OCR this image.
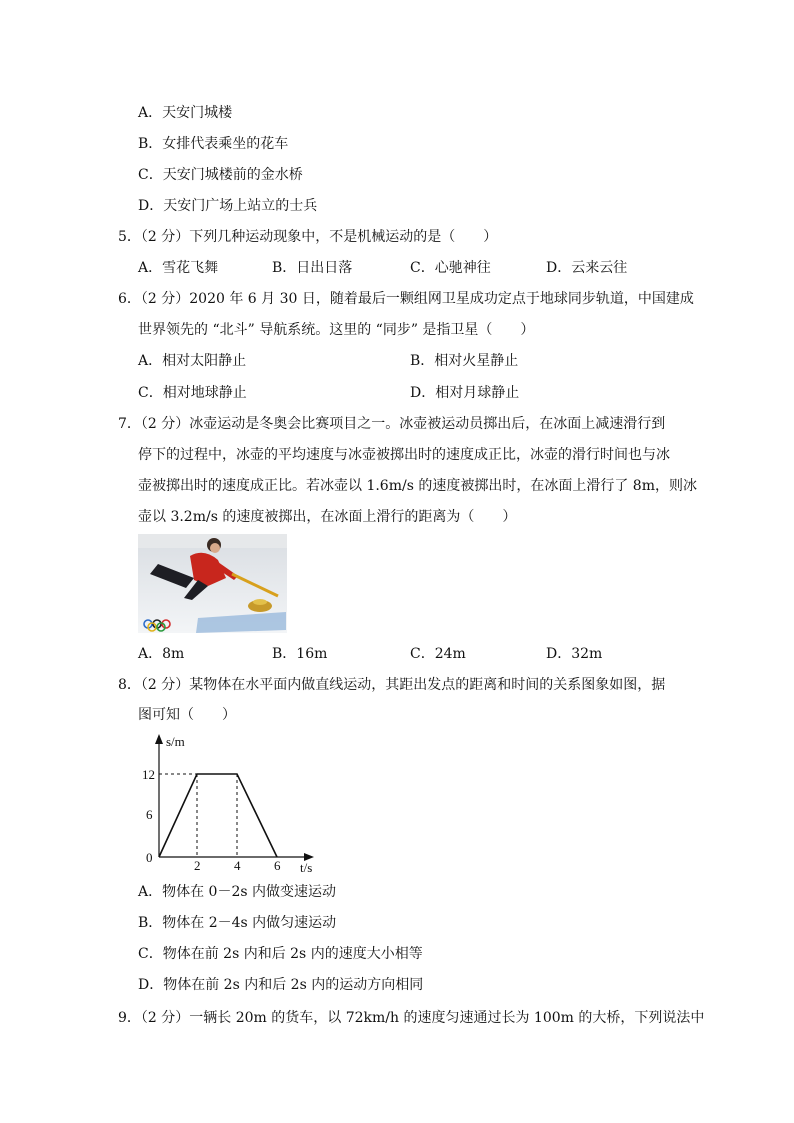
A．天安门城楼
B．女排代表乘坐的花车
C．天安门城楼前的金水桥
D．天安门广场上站立的士兵
5．（2 分）下列几种运动现象中，不是机械运动的是（　　）
A．雪花飞舞	B．日出日落	C．心驰神往	D．云来云往
6．（2 分）2020 年 6 月 30 日，随着最后一颗组网卫星成功定点于地球同步轨道，中国建成
世界领先的 “北斗” 导航系统。这里的 “同步” 是指卫星（　　）
A．相对太阳静止	B．相对火星静止
C．相对地球静止	D．相对月球静止
7．（2 分）冰壶运动是冬奥会比赛项目之一。冰壶被运动员掷出后，在冰面上减速滑行到
停下的过程中，冰壶的平均速度与冰壶被掷出时的速度成正比，冰壶的滑行时间也与冰
壶被掷出时的速度成正比。若冰壶以 1.6m/s 的速度被掷出时，在冰面上滑行了 8m，则冰
壶以 3.2m/s 的速度被掷出，在冰面上滑行的距离为（　　）
A．8m	B．16m	C．24m	D．32m
8．（2 分）某物体在水平面内做直线运动，其距出发点的距离和时间的关系图象如图，据
图可知（　　）
s/m
12
6
0
2	4	6 t/s
A．物体在 0－2s 内做变速运动
B．物体在 2－4s 内做匀速运动
C．物体在前 2s 内和后 2s 内的速度大小相等
D．物体在前 2s 内和后 2s 内的运动方向相同
9．（2 分）一辆长 20m 的货车，以 72km/h 的速度匀速通过长为 100m 的大桥，下列说法中
